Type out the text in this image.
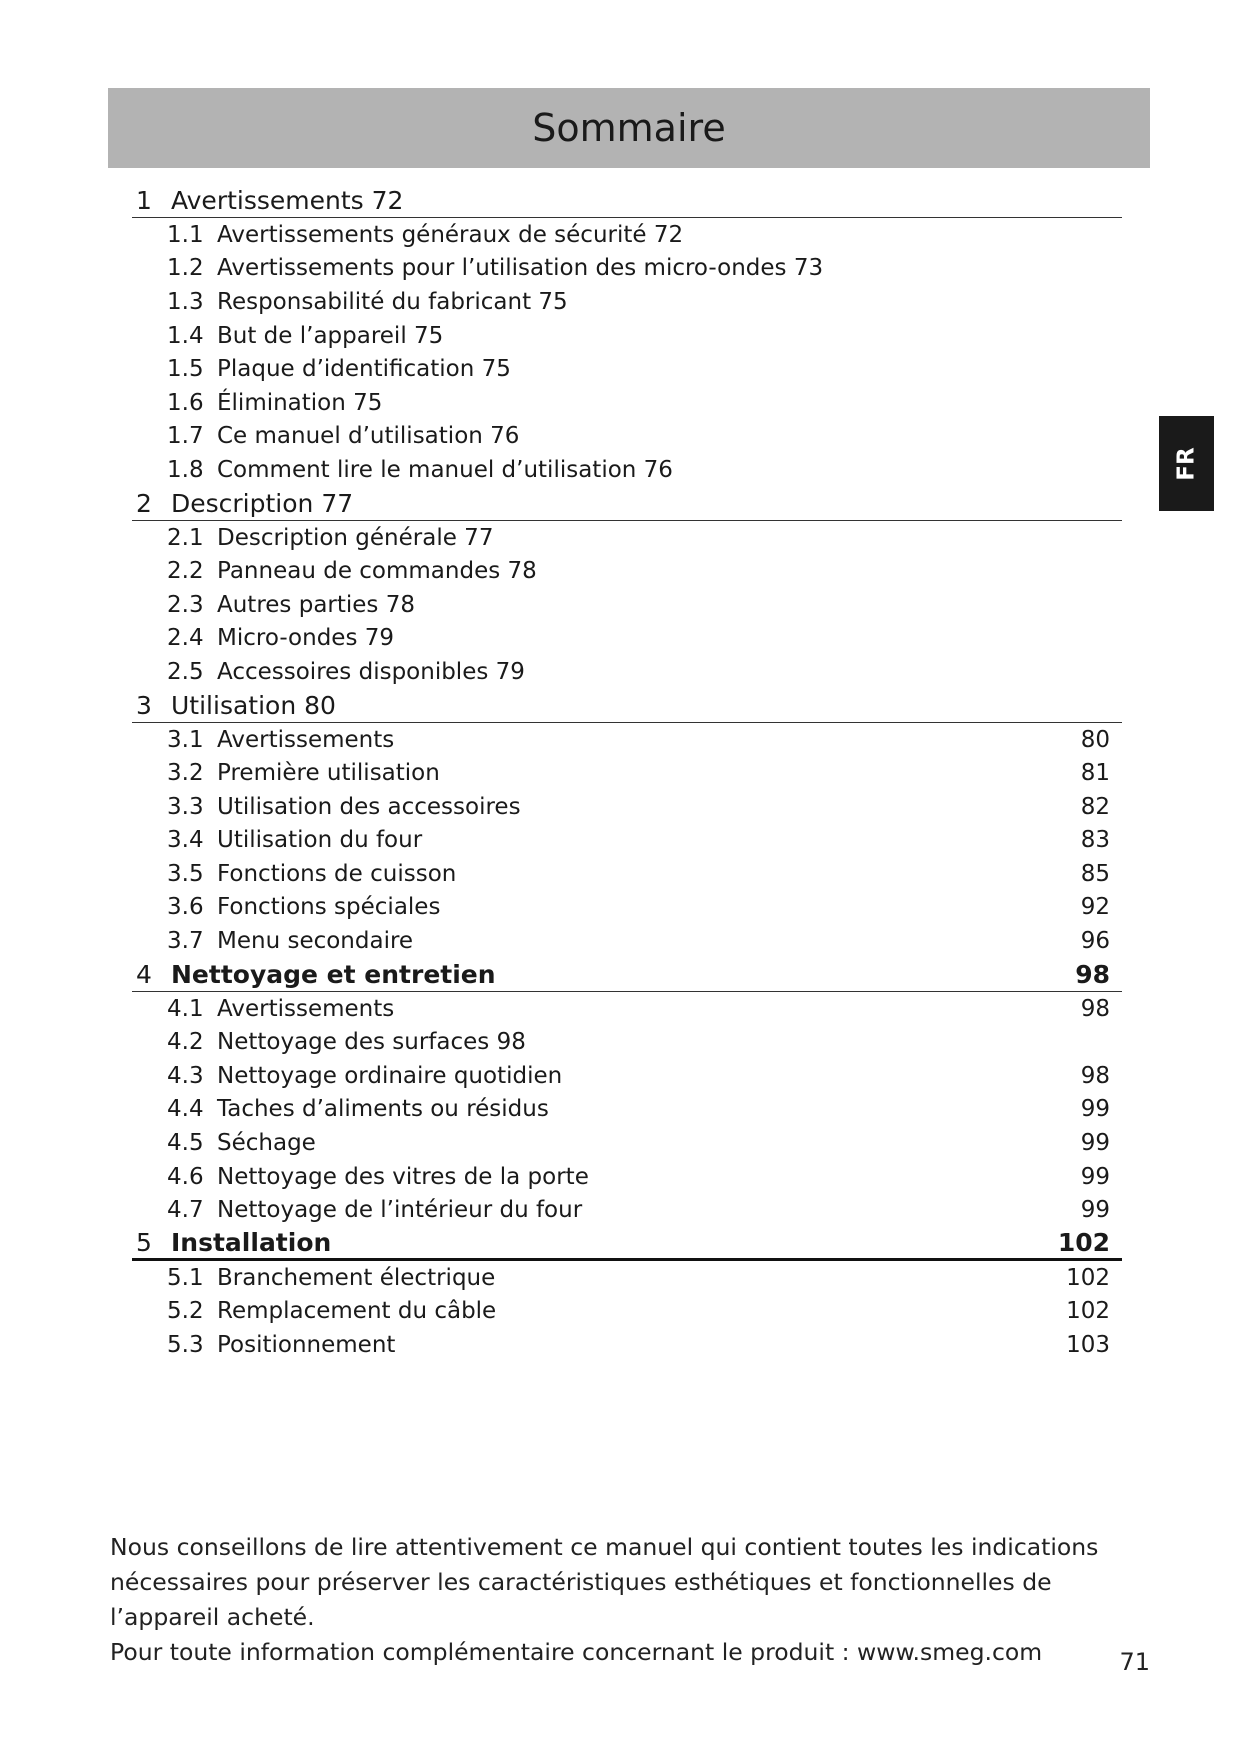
Sommaire
FR
1 Avertissements 72
1.1 Avertissements généraux de sécurité 72
1.2 Avertissements pour l’utilisation des micro-ondes 73
1.3 Responsabilité du fabricant 75
1.4 But de l’appareil 75
1.5 Plaque d’identification 75
1.6 Élimination 75
1.7 Ce manuel d’utilisation 76
1.8 Comment lire le manuel d’utilisation 76
2 Description 77
2.1 Description générale 77
2.2 Panneau de commandes 78
2.3 Autres parties 78
2.4 Micro-ondes 79
2.5 Accessoires disponibles 79
3 Utilisation 80
3.1 Avertissements	80
3.2 Première utilisation	81
3.3 Utilisation des accessoires	82
3.4 Utilisation du four	83
3.5 Fonctions de cuisson	85
3.6 Fonctions spéciales	92
3.7 Menu secondaire	96
4 Nettoyage et entretien	98
4.1 Avertissements	98
4.2 Nettoyage des surfaces 98
4.3 Nettoyage ordinaire quotidien	98
4.4 Taches d’aliments ou résidus	99
4.5 Séchage	99
4.6 Nettoyage des vitres de la porte	99
4.7 Nettoyage de l’intérieur du four	99
5 Installation	102
5.1 Branchement électrique	102
5.2 Remplacement du câble	102
5.3 Positionnement	103

Nous conseillons de lire attentivement ce manuel qui contient toutes les indications

nécessaires pour préserver les caractéristiques esthétiques et fonctionnelles de l’appareil acheté.

Pour toute information complémentaire concernant le produit : www.smeg.com	71
